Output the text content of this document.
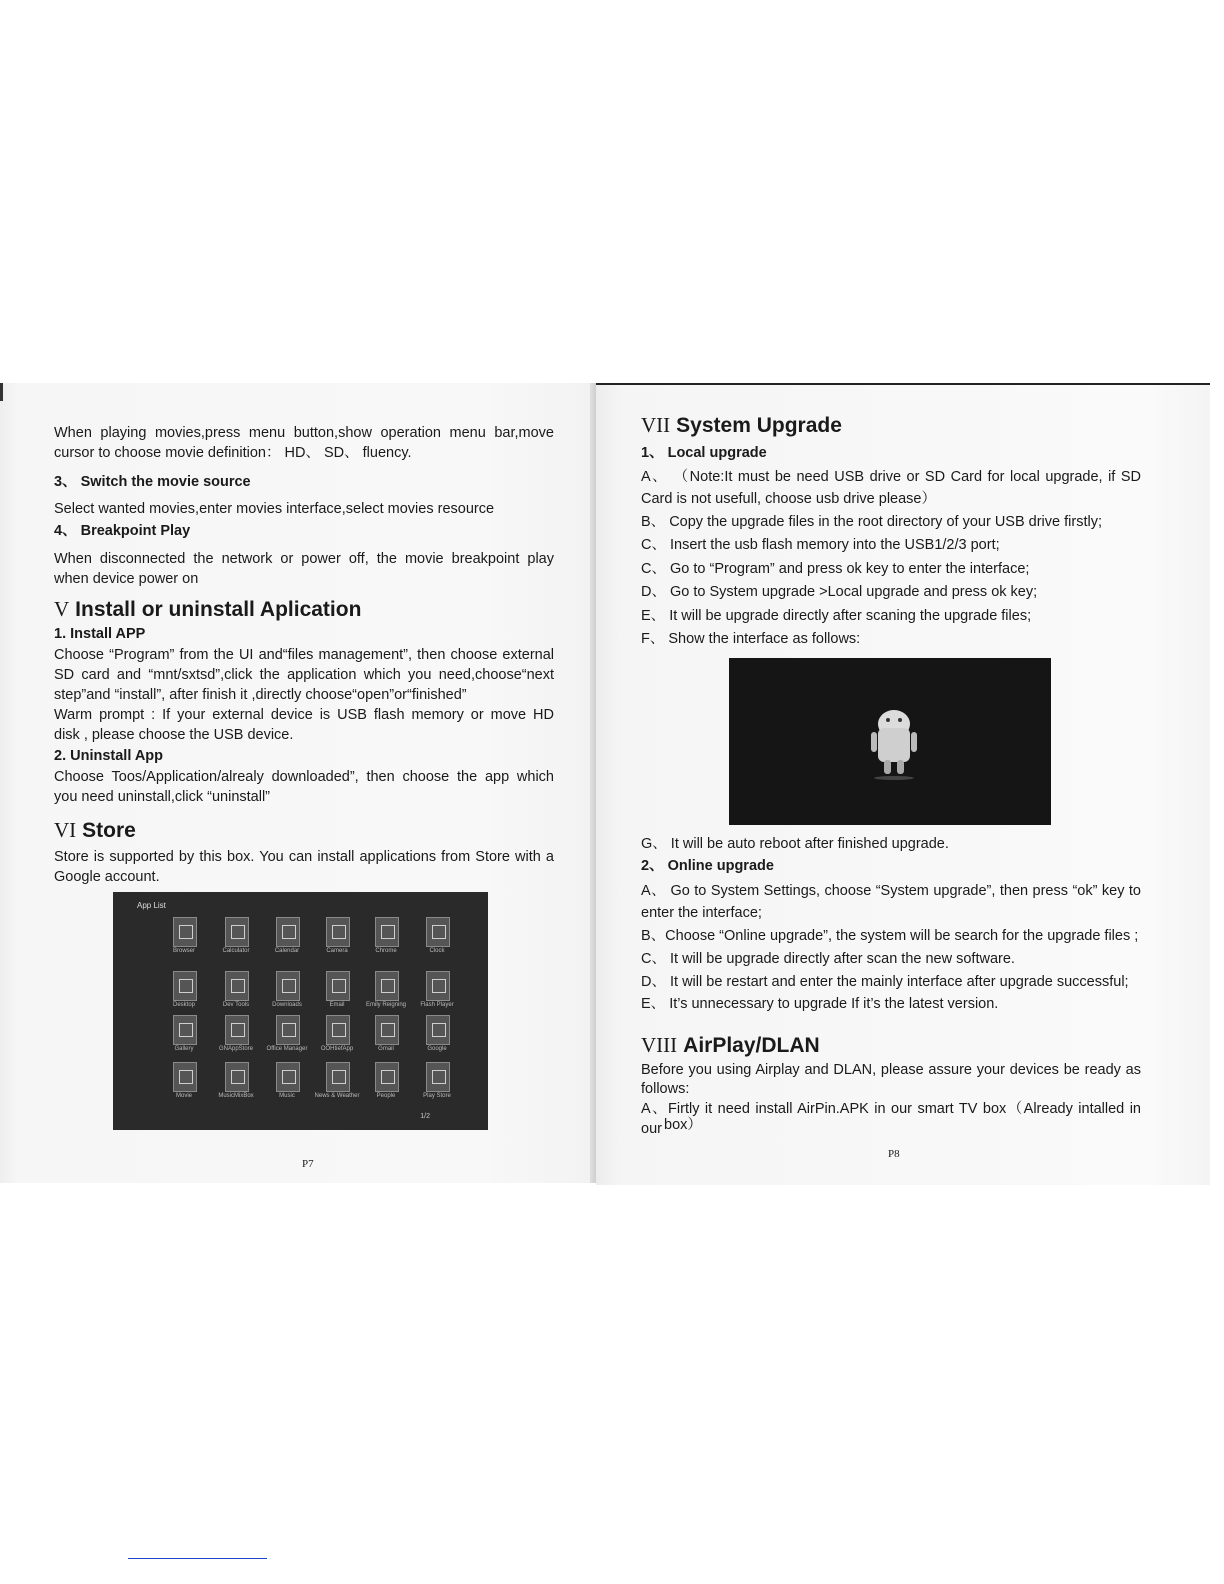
When playing movies,press menu button,show operation menu bar,move
cursor to choose movie definition： HD、 SD、 fluency.
3、 Switch the movie source
Select wanted movies,enter movies interface,select movies resource
4、 Breakpoint Play
When disconnected the network or power off, the movie breakpoint play
when device power on
V Install or uninstall Aplication
1. Install APP
Choose “Program” from the UI and“files management”, then choose external
SD card and “mnt/sxtsd”,click the application which you need,choose“next
step”and “install”, after finish it ,directly choose“open”or“finished”
Warm prompt : If your external device is USB flash memory or move HD
disk , please choose the USB device.
2. Uninstall App
Choose Toos/Application/alrealy downloaded”, then choose the app which
you need uninstall,click “uninstall”
VI Store
Store is supported by this box. You can install applications from Store with a
Google account.
App List
Browser	Calculator	Calendar	Camera	Chrome	Clock
Desktop	Dev Tools	Downloads	Email	Emily Reigning	Flash Player
Gallery	GNAppStore	Office Manager	OOHtiefApp	Gmail	Google
Movie	MusicMixBox	Music	News & Weather	People	Play Store
1/2
P7
VII System Upgrade
1、 Local upgrade
A、 （Note:It must be need USB drive or SD Card for local upgrade, if SD
Card is not usefull, choose usb drive please）
B、 Copy the upgrade files in the root directory of your USB drive firstly;
C、 Insert the usb flash memory into the USB1/2/3 port;
C、 Go to “Program” and press ok key to enter the interface;
D、 Go to System upgrade >Local upgrade and press ok key;
E、 It will be upgrade directly after scaning the upgrade files;
F、 Show the interface as follows:
G、 It will be auto reboot after finished upgrade.
2、 Online upgrade
A、 Go to System Settings, choose “System upgrade”, then press “ok” key to
enter the interface;
B、Choose “Online upgrade”, the system will be search for the upgrade files ;
C、 It will be upgrade directly after scan the new software.
D、 It will be restart and enter the mainly interface after upgrade successful;
E、 It’s unnecessary to upgrade If it’s the latest version.
VIII AirPlay/DLAN
Before you using Airplay and DLAN, please assure your devices be ready as
follows:
A、Firtly it need install AirPin.APK in our smart TV box（Already intalled in our box）
P8
